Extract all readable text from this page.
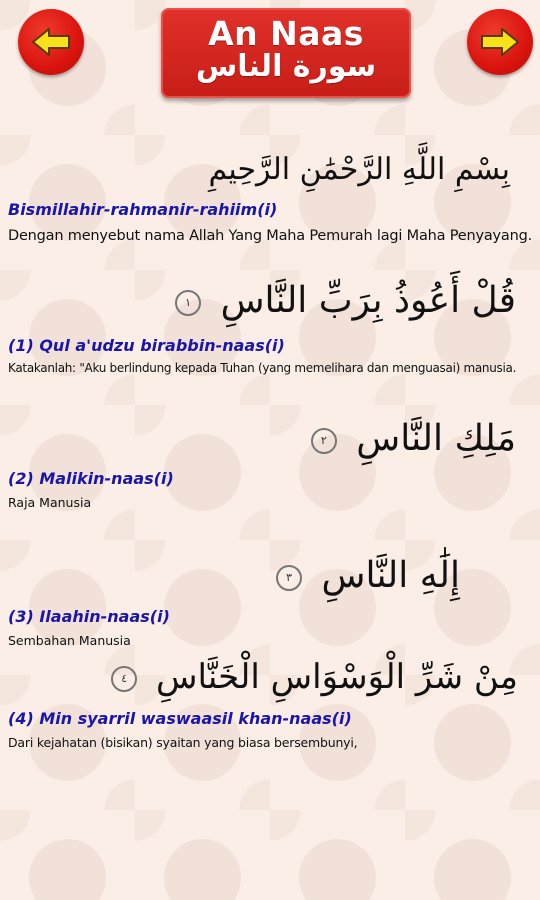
An Naas
سورة الناس
بِسْمِ اللَّهِ الرَّحْمَٰنِ الرَّحِيمِ
Bismillahir-rahmanir-rahiim(i)
Dengan menyebut nama Allah Yang Maha Pemurah lagi Maha Penyayang.
قُلْ أَعُوذُ بِرَبِّ النَّاسِ ١
(1) Qul a'udzu birabbin-naas(i)
Katakanlah: "Aku berlindung kepada Tuhan (yang memelihara dan menguasai) manusia.
مَلِكِ النَّاسِ ٢
(2) Malikin-naas(i)
Raja Manusia
إِلَٰهِ النَّاسِ ٣
(3) Ilaahin-naas(i)
Sembahan Manusia
مِنْ شَرِّ الْوَسْوَاسِ الْخَنَّاسِ ٤
(4) Min syarril waswaasil khan-naas(i)
Dari kejahatan (bisikan) syaitan yang biasa bersembunyi,
